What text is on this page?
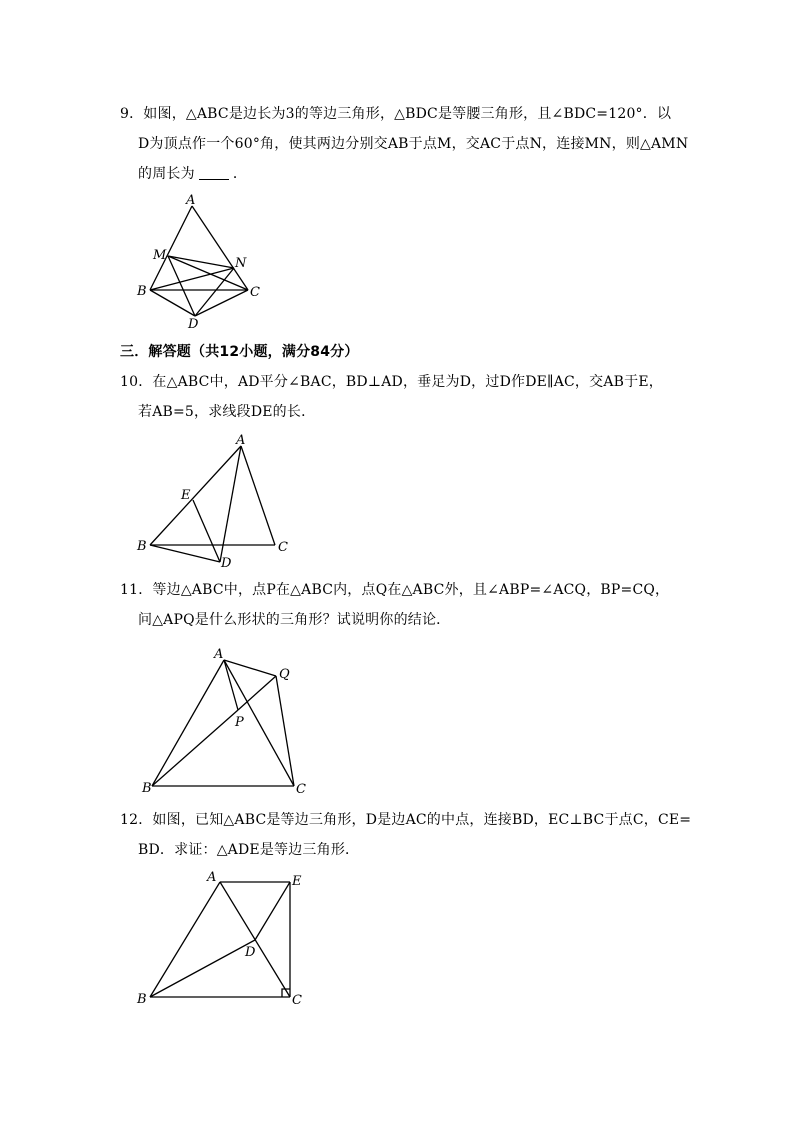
9．如图，△ABC是边长为3的等边三角形，△BDC是等腰三角形，且∠BDC=120°．以
D为顶点作一个60°角，使其两边分别交AB于点M，交AC于点N，连接MN，则△AMN
的周长为	．
A
M
N
B	C
D
三．解答题（共12小题，满分84分）
10．在△ABC中，AD平分∠BAC，BD⊥AD，垂足为D，过D作DE∥AC，交AB于E，
若AB=5，求线段DE的长．
A
E
B	C
D
11．等边△ABC中，点P在△ABC内，点Q在△ABC外，且∠ABP=∠ACQ，BP=CQ，
问△APQ是什么形状的三角形？试说明你的结论．
A
Q
P
B	C
12．如图，已知△ABC是等边三角形，D是边AC的中点，连接BD，EC⊥BC于点C，CE=
BD．求证：△ADE是等边三角形．
A	E
D
B	C
